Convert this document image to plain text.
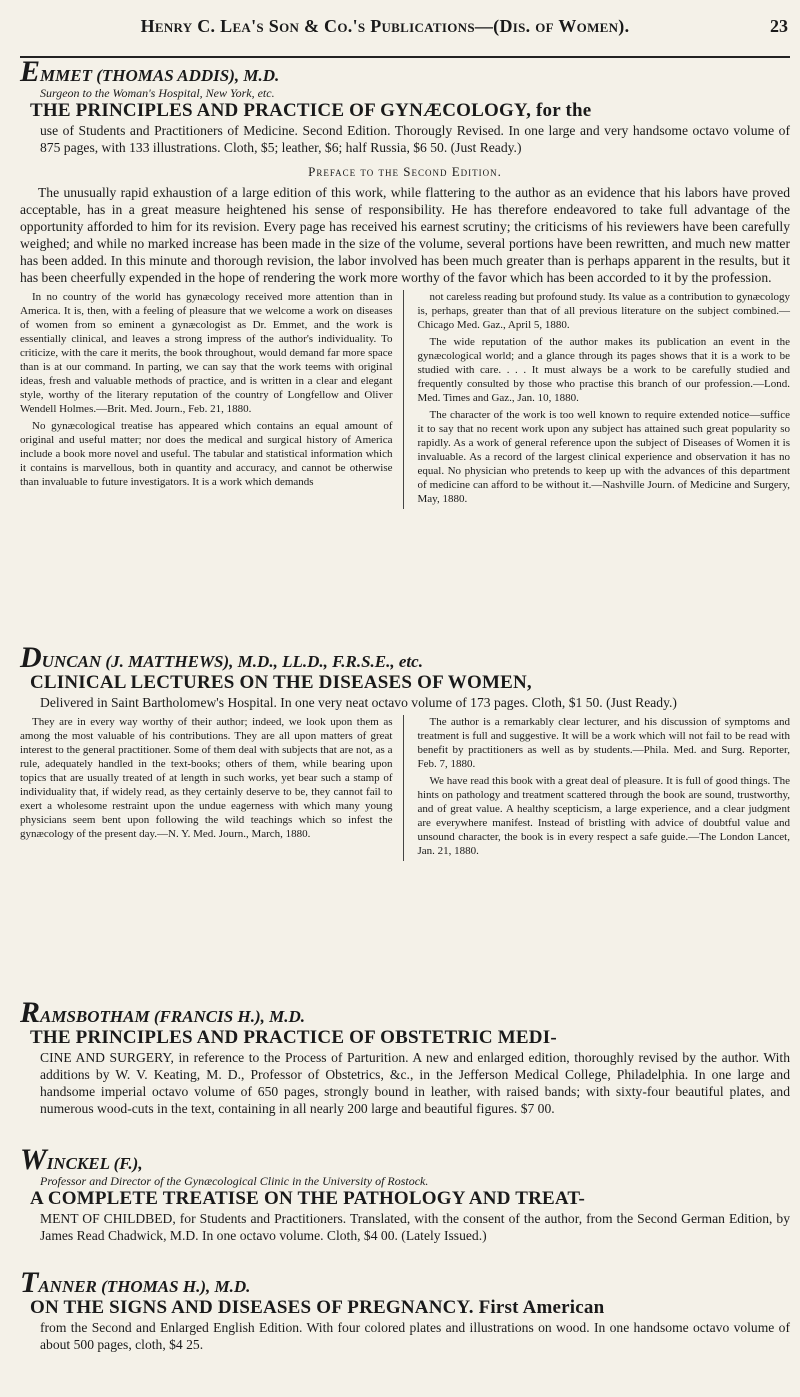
Henry C. Lea's Son & Co.'s Publications—(Dis. of Women).	23
EMMET (THOMAS ADDIS), M.D.
Surgeon to the Woman's Hospital, New York, etc.
THE PRINCIPLES AND PRACTICE OF GYNÆCOLOGY, for the
use of Students and Practitioners of Medicine. Second Edition. Thorougly Revised. In one large and very handsome octavo volume of 875 pages, with 133 illustrations. Cloth, $5; leather, $6; half Russia, $6 50. (Just Ready.)
Preface to the Second Edition.
The unusually rapid exhaustion of a large edition of this work, while flattering to the author as an evidence that his labors have proved acceptable, has in a great measure heightened his sense of responsibility. He has therefore endeavored to take full advantage of the opportunity afforded to him for its revision. Every page has received his earnest scrutiny; the criticisms of his reviewers have been carefully weighed; and while no marked increase has been made in the size of the volume, several portions have been rewritten, and much new matter has been added. In this minute and thorough revision, the labor involved has been much greater than is perhaps apparent in the results, but it has been cheerfully expended in the hope of rendering the work more worthy of the favor which has been accorded to it by the profession.

In no country of the world has gynæcology received more attention than in America. It is, then, with a feeling of pleasure that we welcome a work on diseases of women from so eminent a gynæcologist as Dr. Emmet, and the work is essentially clinical, and leaves a strong impress of the author's individuality. To criticize, with the care it merits, the book throughout, would demand far more space than is at our command. In parting, we can say that the work teems with original ideas, fresh and valuable methods of practice, and is written in a clear and elegant style, worthy of the literary reputation of the country of Longfellow and Oliver Wendell Holmes.—Brit. Med. Journ., Feb. 21, 1880.

No gynæcological treatise has appeared which contains an equal amount of original and useful matter; nor does the medical and surgical history of America include a book more novel and useful. The tabular and statistical information which it contains is marvellous, both in quantity and accuracy, and cannot be otherwise than invaluable to future investigators. It is a work which demands

not careless reading but profound study. Its value as a contribution to gynæcology is, perhaps, greater than that of all previous literature on the subject combined.—Chicago Med. Gaz., April 5, 1880.

The wide reputation of the author makes its publication an event in the gynæcological world; and a glance through its pages shows that it is a work to be studied with care. . . . It must always be a work to be carefully studied and frequently consulted by those who practise this branch of our profession.—Lond. Med. Times and Gaz., Jan. 10, 1880.

The character of the work is too well known to require extended notice—suffice it to say that no recent work upon any subject has attained such great popularity so rapidly. As a work of general reference upon the subject of Diseases of Women it is invaluable. As a record of the largest clinical experience and observation it has no equal. No physician who pretends to keep up with the advances of this department of medicine can afford to be without it.—Nashville Journ. of Medicine and Surgery, May, 1880.

DUNCAN (J. MATTHEWS), M.D., LL.D., F.R.S.E., etc.
CLINICAL LECTURES ON THE DISEASES OF WOMEN,
Delivered in Saint Bartholomew's Hospital. In one very neat octavo volume of 173 pages. Cloth, $1 50. (Just Ready.)

They are in every way worthy of their author; indeed, we look upon them as among the most valuable of his contributions. They are all upon matters of great interest to the general practitioner. Some of them deal with subjects that are not, as a rule, adequately handled in the text-books; others of them, while bearing upon topics that are usually treated of at length in such works, yet bear such a stamp of individuality that, if widely read, as they certainly deserve to be, they cannot fail to exert a wholesome restraint upon the undue eagerness with which many young physicians seem bent upon following the wild teachings which so infest the gynæcology of the present day.—N. Y. Med. Journ., March, 1880.

The author is a remarkably clear lecturer, and his discussion of symptoms and treatment is full and suggestive. It will be a work which will not fail to be read with benefit by practitioners as well as by students.—Phila. Med. and Surg. Reporter, Feb. 7, 1880.

We have read this book with a great deal of pleasure. It is full of good things. The hints on pathology and treatment scattered through the book are sound, trustworthy, and of great value. A healthy scepticism, a large experience, and a clear judgment are everywhere manifest. Instead of bristling with advice of doubtful value and unsound character, the book is in every respect a safe guide.—The London Lancet, Jan. 21, 1880.

RAMSBOTHAM (FRANCIS H.), M.D.
THE PRINCIPLES AND PRACTICE OF OBSTETRIC MEDI-
CINE AND SURGERY, in reference to the Process of Parturition. A new and enlarged edition, thoroughly revised by the author. With additions by W. V. Keating, M. D., Professor of Obstetrics, &c., in the Jefferson Medical College, Philadelphia. In one large and handsome imperial octavo volume of 650 pages, strongly bound in leather, with raised bands; with sixty-four beautiful plates, and numerous wood-cuts in the text, containing in all nearly 200 large and beautiful figures. $7 00.
WINCKEL (F.),
Professor and Director of the Gynæcological Clinic in the University of Rostock.
A COMPLETE TREATISE ON THE PATHOLOGY AND TREAT-
MENT OF CHILDBED, for Students and Practitioners. Translated, with the consent of the author, from the Second German Edition, by James Read Chadwick, M.D. In one octavo volume. Cloth, $4 00. (Lately Issued.)
TANNER (THOMAS H.), M.D.
ON THE SIGNS AND DISEASES OF PREGNANCY. First American
from the Second and Enlarged English Edition. With four colored plates and illustrations on wood. In one handsome octavo volume of about 500 pages, cloth, $4 25.
